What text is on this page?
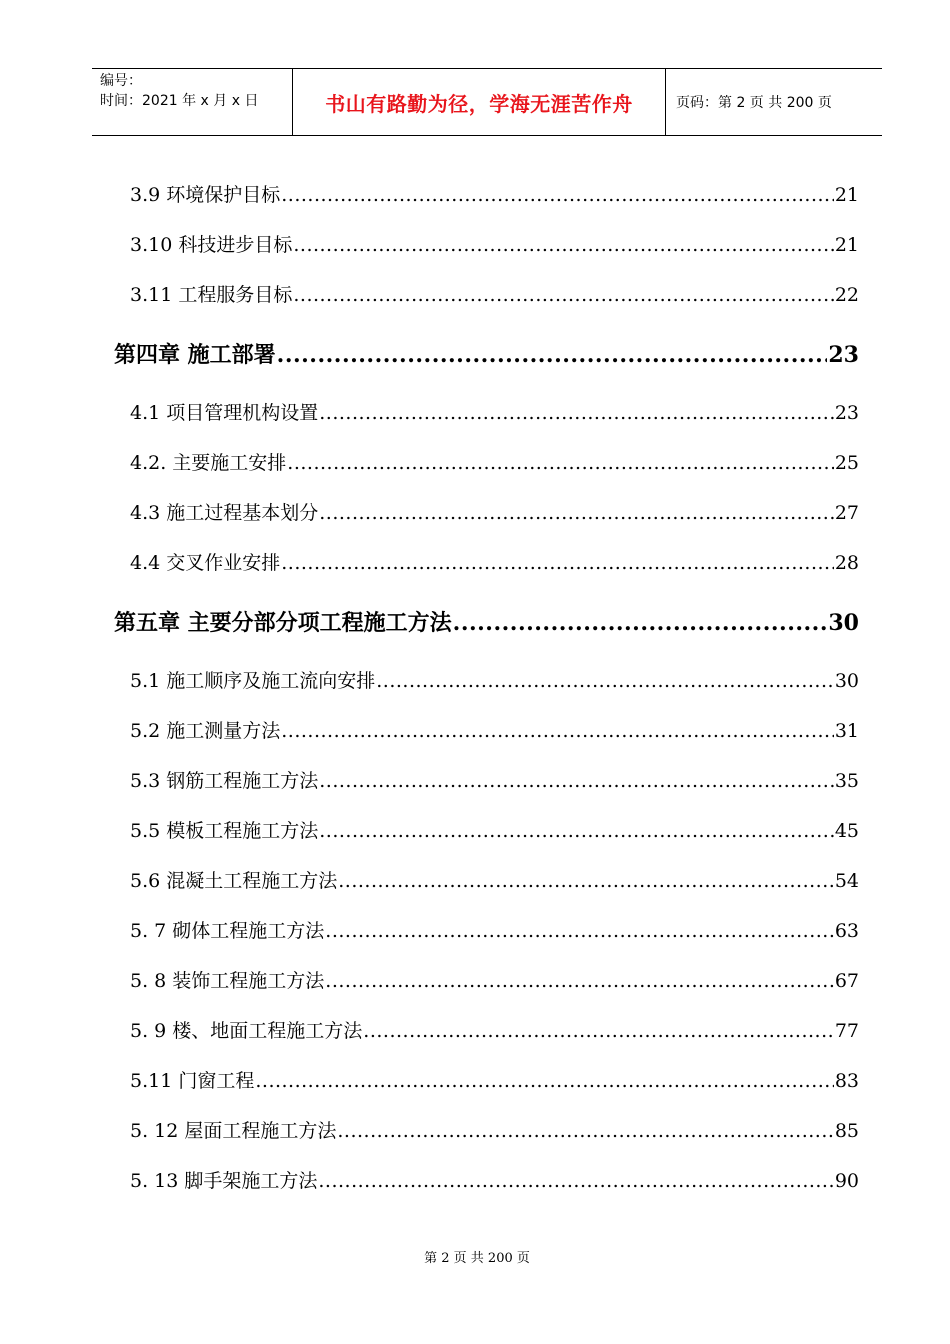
编号：
时间：2021 年 x 月 x 日	书山有路勤为径，学海无涯苦作舟	页码：第 2 页 共 200 页
3.9 环境保护目标 .....	21
3.10 科技进步目标 .....	21
3.11 工程服务目标 .....	22
第四章 施工部署 .....	23
4.1 项目管理机构设置 .....	23
4.2. 主要施工安排 .....	25
4.3 施工过程基本划分 .....	27
4.4 交叉作业安排 .....	28
第五章 主要分部分项工程施工方法 .....	30
5.1 施工顺序及施工流向安排 .....	30
5.2 施工测量方法 .....	31
5.3 钢筋工程施工方法 .....	35
5.5 模板工程施工方法 .....	45
5.6 混凝土工程施工方法 .....	54
5. 7 砌体工程施工方法 .....	63
5. 8 装饰工程施工方法 .....	67
5. 9 楼、地面工程施工方法 .....	77
5.11 门窗工程 .....	83
5. 12 屋面工程施工方法 .....	85
5. 13 脚手架施工方法 .....	90
第 2 页 共 200 页
